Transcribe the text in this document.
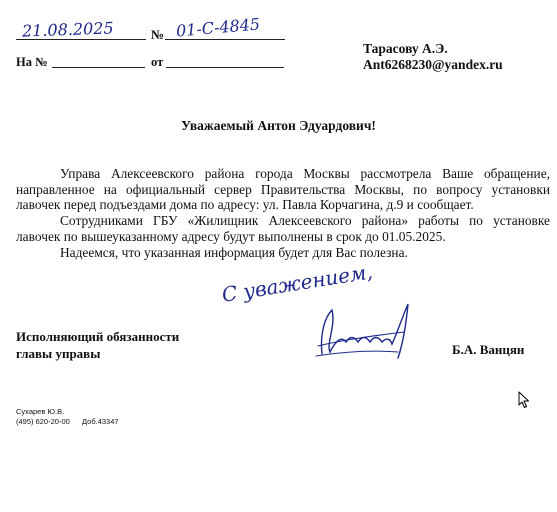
21.08.2025	№ 01-С-4845
На №	от
Тарасову А.Э.
Ant6268230@yandex.ru
Уважаемый Антон Эдуардович!
Управа Алексеевского района города Москвы рассмотрела Ваше обращение, направленное на официальный сервер Правительства Москвы, по вопросу установки лавочек перед подъездами дома по адресу: ул. Павла Корчагина, д.9 и сообщает.
Сотрудниками ГБУ «Жилищник Алексеевского района» работы по установке лавочек по вышеуказанному адресу будут выполнены в срок до 01.05.2025.
Надеемся, что указанная информация будет для Вас полезна.
С уважением,
Исполняющий обязанности
главы управы	Б.А. Ванцян
Сухарев Ю.В.
(495) 620-20-00 Доб.43347
